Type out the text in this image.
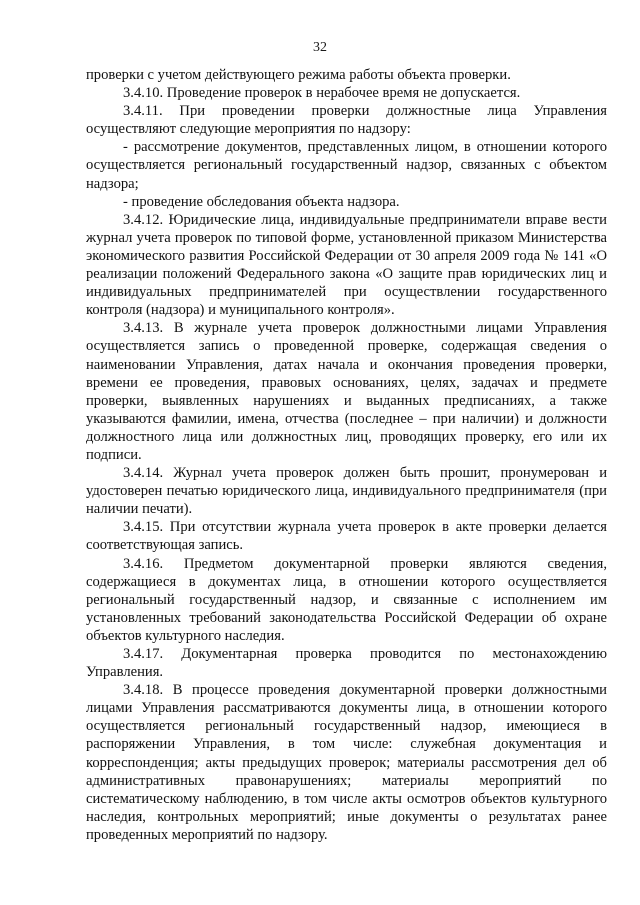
32

проверки с учетом действующего режима работы объекта проверки.

3.4.10. Проведение проверок в нерабочее время не допускается.

3.4.11. При проведении проверки должностные лица Управления осуществляют следующие мероприятия по надзору:

- рассмотрение документов, представленных лицом, в отношении которого осуществляется региональный государственный надзор, связанных с объектом надзора;

- проведение обследования объекта надзора.

3.4.12. Юридические лица, индивидуальные предприниматели вправе вести журнал учета проверок по типовой форме, установленной приказом Министерства экономического развития Российской Федерации от 30 апреля 2009 года № 141 «О реализации положений Федерального закона «О защите прав юридических лиц и индивидуальных предпринимателей при осуществлении государственного контроля (надзора) и муниципального контроля».

3.4.13. В журнале учета проверок должностными лицами Управления осуществляется запись о проведенной проверке, содержащая сведения о наименовании Управления, датах начала и окончания проведения проверки, времени ее проведения, правовых основаниях, целях, задачах и предмете проверки, выявленных нарушениях и выданных предписаниях, а также указываются фамилии, имена, отчества (последнее – при наличии) и должности должностного лица или должностных лиц, проводящих проверку, его или их подписи.

3.4.14. Журнал учета проверок должен быть прошит, пронумерован и удостоверен печатью юридического лица, индивидуального предпринимателя (при наличии печати).

3.4.15. При отсутствии журнала учета проверок в акте проверки делается соответствующая запись.

3.4.16. Предметом документарной проверки являются сведения, содержащиеся в документах лица, в отношении которого осуществляется региональный государственный надзор, и связанные с исполнением им установленных требований законодательства Российской Федерации об охране объектов культурного наследия.

3.4.17. Документарная проверка проводится по местонахождению Управления.

3.4.18. В процессе проведения документарной проверки должностными лицами Управления рассматриваются документы лица, в отношении которого осуществляется региональный государственный надзор, имеющиеся в распоряжении Управления, в том числе: служебная документация и корреспонденция; акты предыдущих проверок; материалы рассмотрения дел об административных правонарушениях; материалы мероприятий по систематическому наблюдению, в том числе акты осмотров объектов культурного наследия, контрольных мероприятий; иные документы о результатах ранее проведенных мероприятий по надзору.
